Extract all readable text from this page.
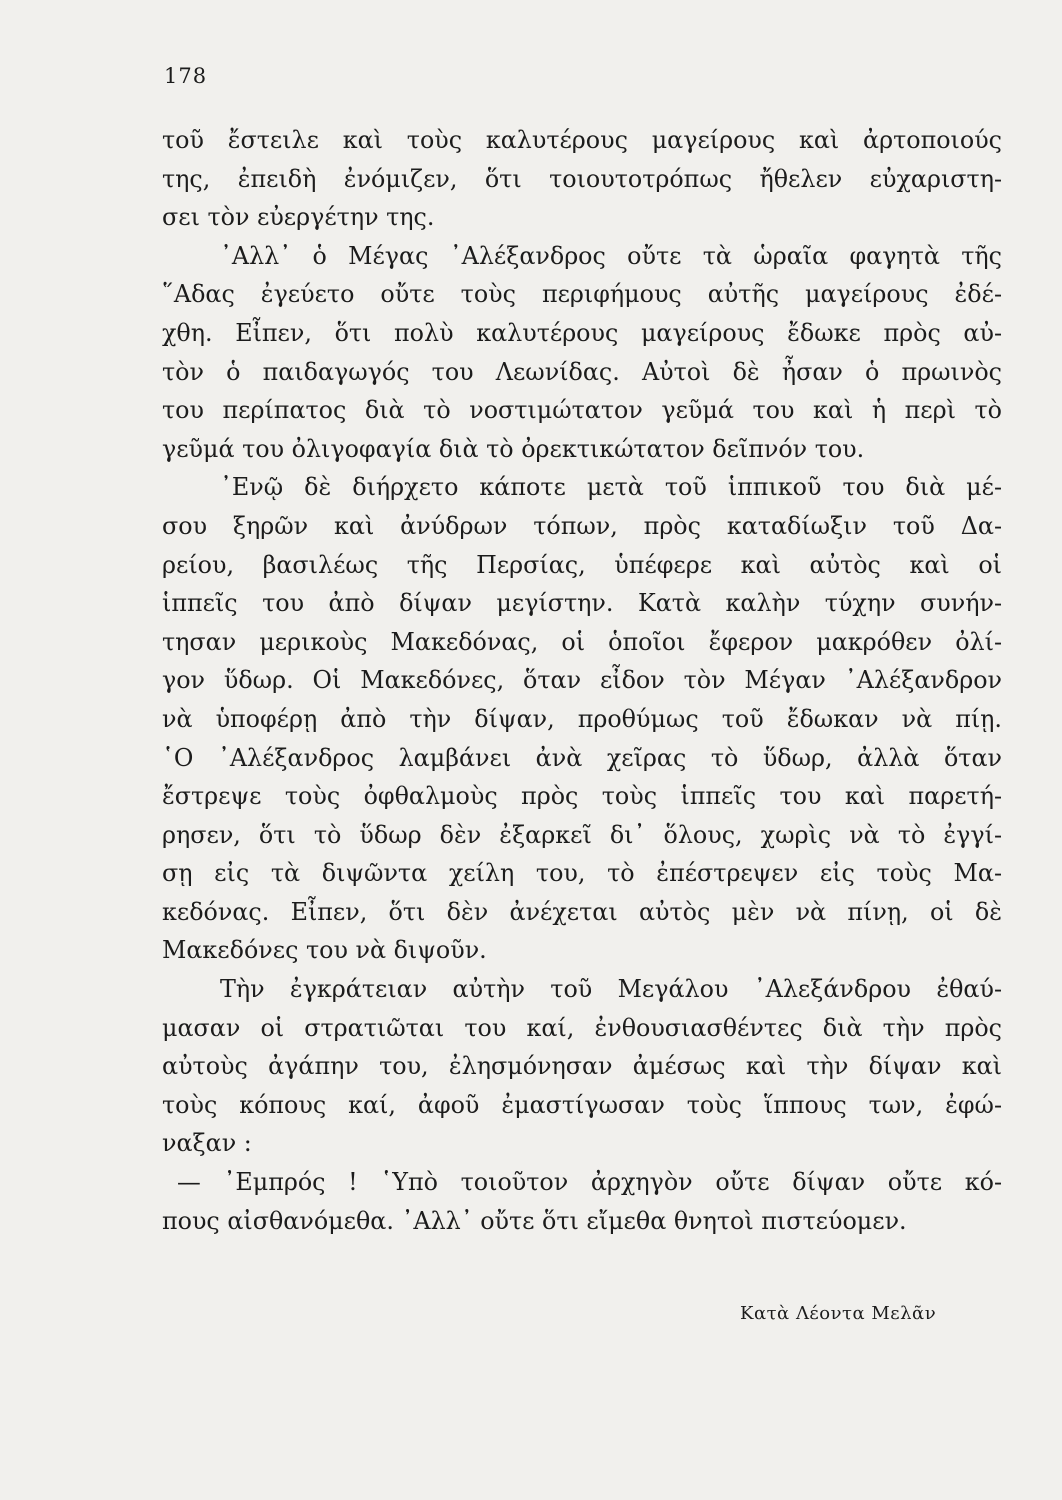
178
τοῦ ἔστειλε καὶ τοὺς καλυτέρους μαγείρους καὶ ἀρτοποιούς
της, ἐπειδὴ ἐνόμιζεν, ὅτι τοιουτοτρόπως ἤθελεν εὐχαριστη-
σει τὸν εὐεργέτην της.
᾿Αλλ᾿ ὁ Μέγας ᾿Αλέξανδρος οὔτε τὰ ὡραῖα φαγητὰ τῆς
῞Αδας ἐγεύετο οὔτε τοὺς περιφήμους αὐτῆς μαγείρους ἐδέ-
χθη. Εἶπεν, ὅτι πολὺ καλυτέρους μαγείρους ἔδωκε πρὸς αὐ-
τὸν ὁ παιδαγωγός του Λεωνίδας. Αὐτοὶ δὲ ἦσαν ὁ πρωινὸς
του περίπατος διὰ τὸ νοστιμώτατον γεῦμά του καὶ ἡ περὶ τὸ
γεῦμά του ὀλιγοφαγία διὰ τὸ ὀρεκτικώτατον δεῖπνόν του.
᾿Ενῷ δὲ διήρχετο κάποτε μετὰ τοῦ ἱππικοῦ του διὰ μέ-
σου ξηρῶν καὶ ἀνύδρων τόπων, πρὸς καταδίωξιν τοῦ Δα-
ρείου, βασιλέως τῆς Περσίας, ὑπέφερε καὶ αὐτὸς καὶ οἱ
ἱππεῖς του ἀπὸ δίψαν μεγίστην. Κατὰ καλὴν τύχην συνήν-
τησαν μερικοὺς Μακεδόνας, οἱ ὁποῖοι ἔφερον μακρόθεν ὀλί-
γον ὕδωρ. Οἱ Μακεδόνες, ὅταν εἶδον τὸν Μέγαν ᾿Αλέξανδρον
νὰ ὑποφέρῃ ἀπὸ τὴν δίψαν, προθύμως τοῦ ἔδωκαν νὰ πίῃ.
῾Ο ᾿Αλέξανδρος λαμβάνει ἀνὰ χεῖρας τὸ ὕδωρ, ἀλλὰ ὅταν
ἔστρεψε τοὺς ὀφθαλμοὺς πρὸς τοὺς ἱππεῖς του καὶ παρετή-
ρησεν, ὅτι τὸ ὕδωρ δὲν ἐξαρκεῖ δι᾿ ὅλους, χωρὶς νὰ τὸ ἐγγί-
σῃ εἰς τὰ διψῶντα χείλη του, τὸ ἐπέστρεψεν εἰς τοὺς Μα-
κεδόνας. Εἶπεν, ὅτι δὲν ἀνέχεται αὐτὸς μὲν νὰ πίνῃ, οἱ δὲ
Μακεδόνες του νὰ διψοῦν.
Τὴν ἐγκράτειαν αὐτὴν τοῦ Μεγάλου ᾿Αλεξάνδρου ἐθαύ-
μασαν οἱ στρατιῶται του καί, ἐνθουσιασθέντες διὰ τὴν πρὸς
αὐτοὺς ἀγάπην του, ἐλησμόνησαν ἀμέσως καὶ τὴν δίψαν καὶ
τοὺς κόπους καί, ἀφοῦ ἐμαστίγωσαν τοὺς ἵππους των, ἐφώ-
ναξαν :
— ᾿Εμπρός ! ῾Υπὸ τοιοῦτον ἀρχηγὸν οὔτε δίψαν οὔτε κό-
πους αἰσθανόμεθα. ᾿Αλλ᾿ οὔτε ὅτι εἴμεθα θνητοὶ πιστεύομεν.
Κατὰ Λέοντα Μελᾶν
